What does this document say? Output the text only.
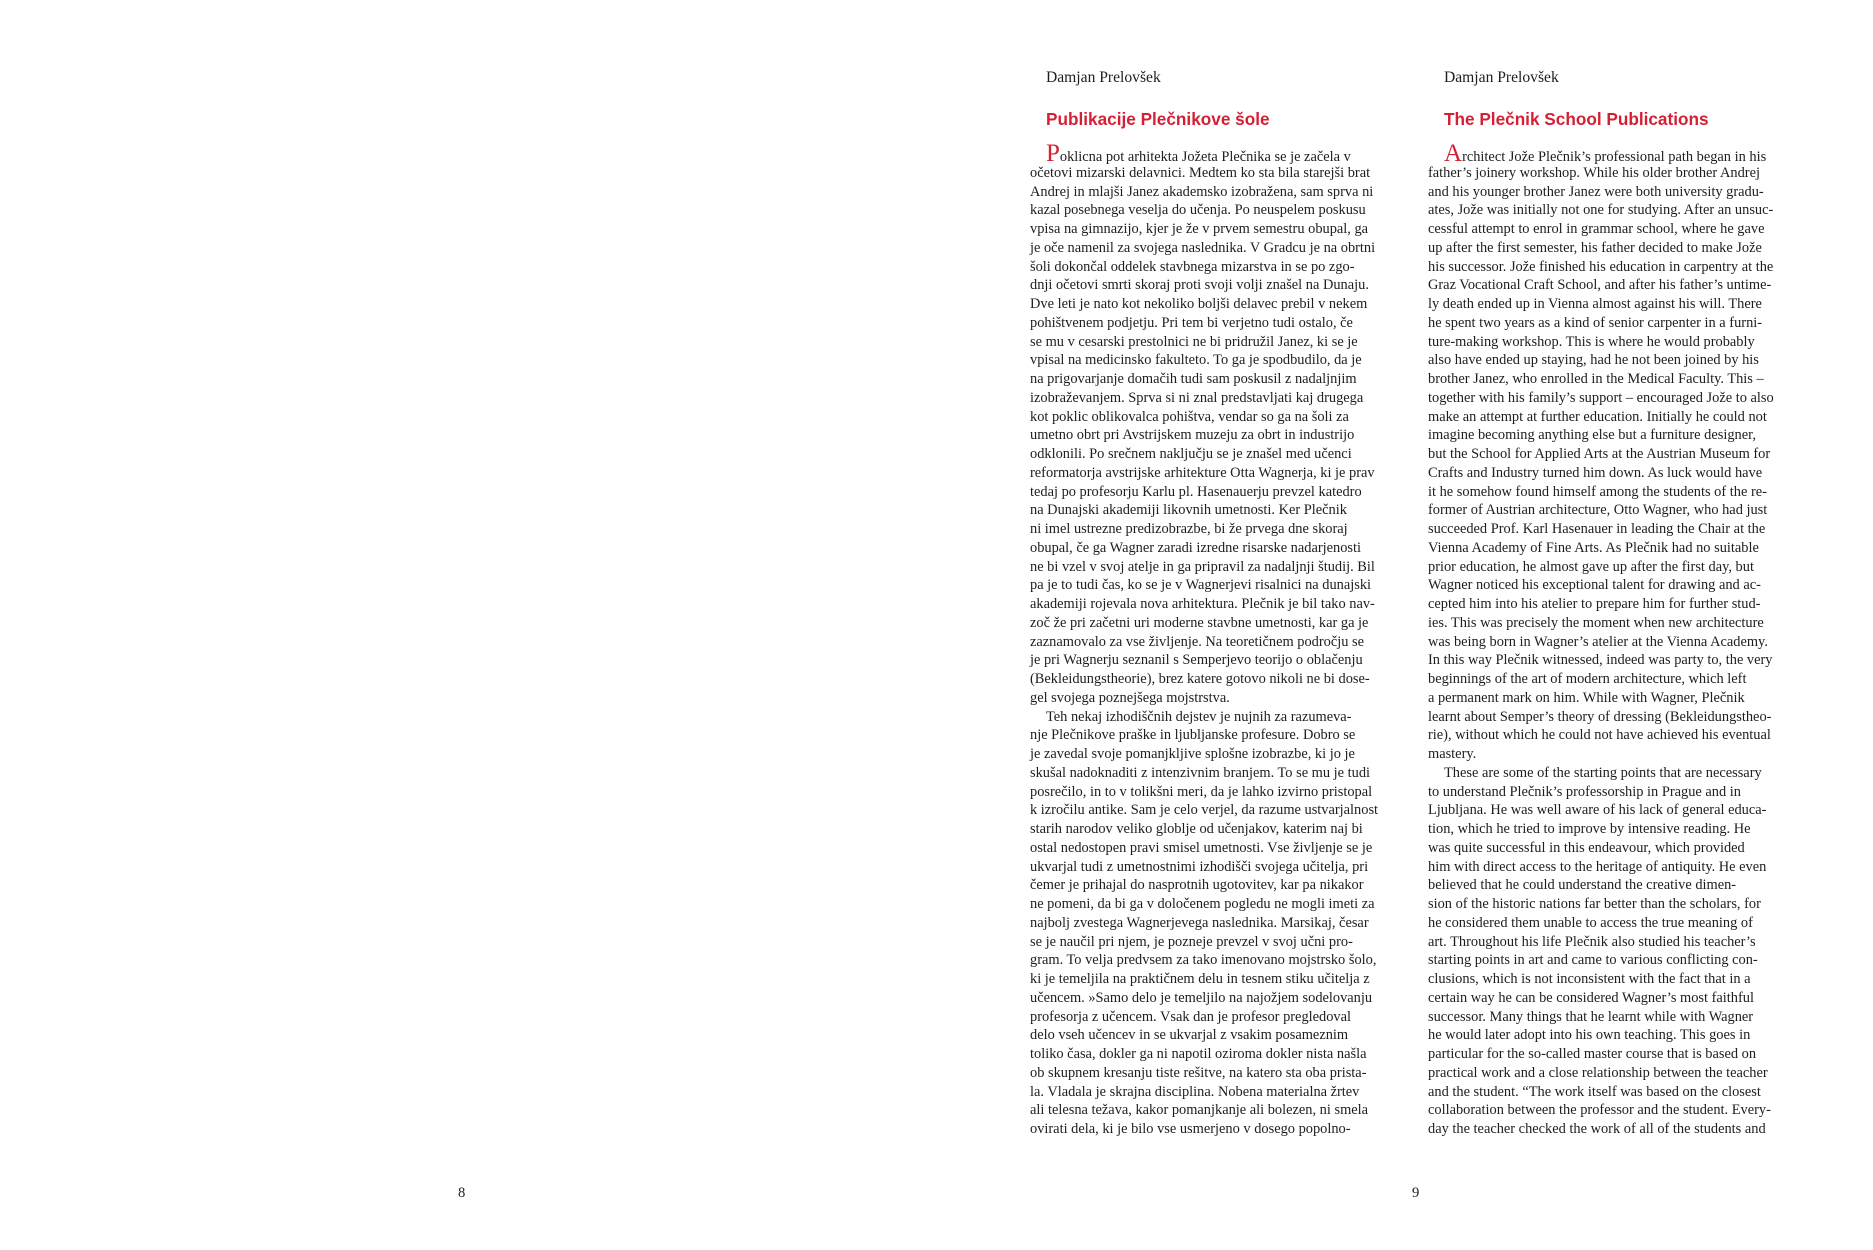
8
Damjan Prelovšek
Publikacije Plečnikove šole
Poklicna pot arhitekta Jožeta Plečnika se je začela v
očetovi mizarski delavnici. Medtem ko sta bila starejši brat
Andrej in mlajši Janez akademsko izobražena, sam sprva ni
kazal posebnega veselja do učenja. Po neuspelem poskusu
vpisa na gimnazijo, kjer je že v prvem semestru obupal, ga
je oče namenil za svojega naslednika. V Gradcu je na obrtni
šoli dokončal oddelek stavbnega mizarstva in se po zgo-
dnji očetovi smrti skoraj proti svoji volji znašel na Dunaju.
Dve leti je nato kot nekoliko boljši delavec prebil v nekem
pohištvenem podjetju. Pri tem bi verjetno tudi ostalo, če
se mu v cesarski prestolnici ne bi pridružil Janez, ki se je
vpisal na medicinsko fakulteto. To ga je spodbudilo, da je
na prigovarjanje domačih tudi sam poskusil z nadaljnjim
izobraževanjem. Sprva si ni znal predstavljati kaj drugega
kot poklic oblikovalca pohištva, vendar so ga na šoli za
umetno obrt pri Avstrijskem muzeju za obrt in industrijo
odklonili. Po srečnem naključju se je znašel med učenci
reformatorja avstrijske arhitekture Otta Wagnerja, ki je prav
tedaj po profesorju Karlu pl. Hasenauerju prevzel katedro
na Dunajski akademiji likovnih umetnosti. Ker Plečnik
ni imel ustrezne predizobrazbe, bi že prvega dne skoraj
obupal, če ga Wagner zaradi izredne risarske nadarjenosti
ne bi vzel v svoj atelje in ga pripravil za nadaljnji študij. Bil
pa je to tudi čas, ko se je v Wagnerjevi risalnici na dunajski
akademiji rojevala nova arhitektura. Plečnik je bil tako nav-
zoč že pri začetni uri moderne stavbne umetnosti, kar ga je
zaznamovalo za vse življenje. Na teoretičnem področju se
je pri Wagnerju seznanil s Semperjevo teorijo o oblačenju
(Bekleidungstheorie), brez katere gotovo nikoli ne bi dose-
gel svojega poznejšega mojstrstva.
Teh nekaj izhodiščnih dejstev je nujnih za razumeva-
nje Plečnikove praške in ljubljanske profesure. Dobro se
je zavedal svoje pomanjkljive splošne izobrazbe, ki jo je
skušal nadoknaditi z intenzivnim branjem. To se mu je tudi
posrečilo, in to v tolikšni meri, da je lahko izvirno pristopal
k izročilu antike. Sam je celo verjel, da razume ustvarjalnost
starih narodov veliko globlje od učenjakov, katerim naj bi
ostal nedostopen pravi smisel umetnosti. Vse življenje se je
ukvarjal tudi z umetnostnimi izhodišči svojega učitelja, pri
čemer je prihajal do nasprotnih ugotovitev, kar pa nikakor
ne pomeni, da bi ga v določenem pogledu ne mogli imeti za
najbolj zvestega Wagnerjevega naslednika. Marsikaj, česar
se je naučil pri njem, je pozneje prevzel v svoj učni pro-
gram. To velja predvsem za tako imenovano mojstrsko šolo,
ki je temeljila na praktičnem delu in tesnem stiku učitelja z
učencem. »Samo delo je temeljilo na najožjem sodelovanju
profesorja z učencem. Vsak dan je profesor pregledoval
delo vseh učencev in se ukvarjal z vsakim posameznim
toliko časa, dokler ga ni napotil oziroma dokler nista našla
ob skupnem kresanju tiste rešitve, na katero sta oba prista-
la. Vladala je skrajna disciplina. Nobena materialna žrtev
ali telesna težava, kakor pomanjkanje ali bolezen, ni smela
ovirati dela, ki je bilo vse usmerjeno v dosego popolno-
Damjan Prelovšek
The Plečnik School Publications
Architect Jože Plečnik’s professional path began in his
father’s joinery workshop. While his older brother Andrej
and his younger brother Janez were both university gradu-
ates, Jože was initially not one for studying. After an unsuc-
cessful attempt to enrol in grammar school, where he gave
up after the first semester, his father decided to make Jože
his successor. Jože finished his education in carpentry at the
Graz Vocational Craft School, and after his father’s untime-
ly death ended up in Vienna almost against his will. There
he spent two years as a kind of senior carpenter in a furni-
ture-making workshop. This is where he would probably
also have ended up staying, had he not been joined by his
brother Janez, who enrolled in the Medical Faculty. This –
together with his family’s support – encouraged Jože to also
make an attempt at further education. Initially he could not
imagine becoming anything else but a furniture designer,
but the School for Applied Arts at the Austrian Museum for
Crafts and Industry turned him down. As luck would have
it he somehow found himself among the students of the re-
former of Austrian architecture, Otto Wagner, who had just
succeeded Prof. Karl Hasenauer in leading the Chair at the
Vienna Academy of Fine Arts. As Plečnik had no suitable
prior education, he almost gave up after the first day, but
Wagner noticed his exceptional talent for drawing and ac-
cepted him into his atelier to prepare him for further stud-
ies. This was precisely the moment when new architecture
was being born in Wagner’s atelier at the Vienna Academy.
In this way Plečnik witnessed, indeed was party to, the very
beginnings of the art of modern architecture, which left
a permanent mark on him. While with Wagner, Plečnik
learnt about Semper’s theory of dressing (Bekleidungstheo-
rie), without which he could not have achieved his eventual
mastery.
These are some of the starting points that are necessary
to understand Plečnik’s professorship in Prague and in
Ljubljana. He was well aware of his lack of general educa-
tion, which he tried to improve by intensive reading. He
was quite successful in this endeavour, which provided
him with direct access to the heritage of antiquity. He even
believed that he could understand the creative dimen-
sion of the historic nations far better than the scholars, for
he considered them unable to access the true meaning of
art. Throughout his life Plečnik also studied his teacher’s
starting points in art and came to various conflicting con-
clusions, which is not inconsistent with the fact that in a
certain way he can be considered Wagner’s most faithful
successor. Many things that he learnt while with Wagner
he would later adopt into his own teaching. This goes in
particular for the so-called master course that is based on
practical work and a close relationship between the teacher
and the student. “The work itself was based on the closest
collaboration between the professor and the student. Every-
day the teacher checked the work of all of the students and
9
